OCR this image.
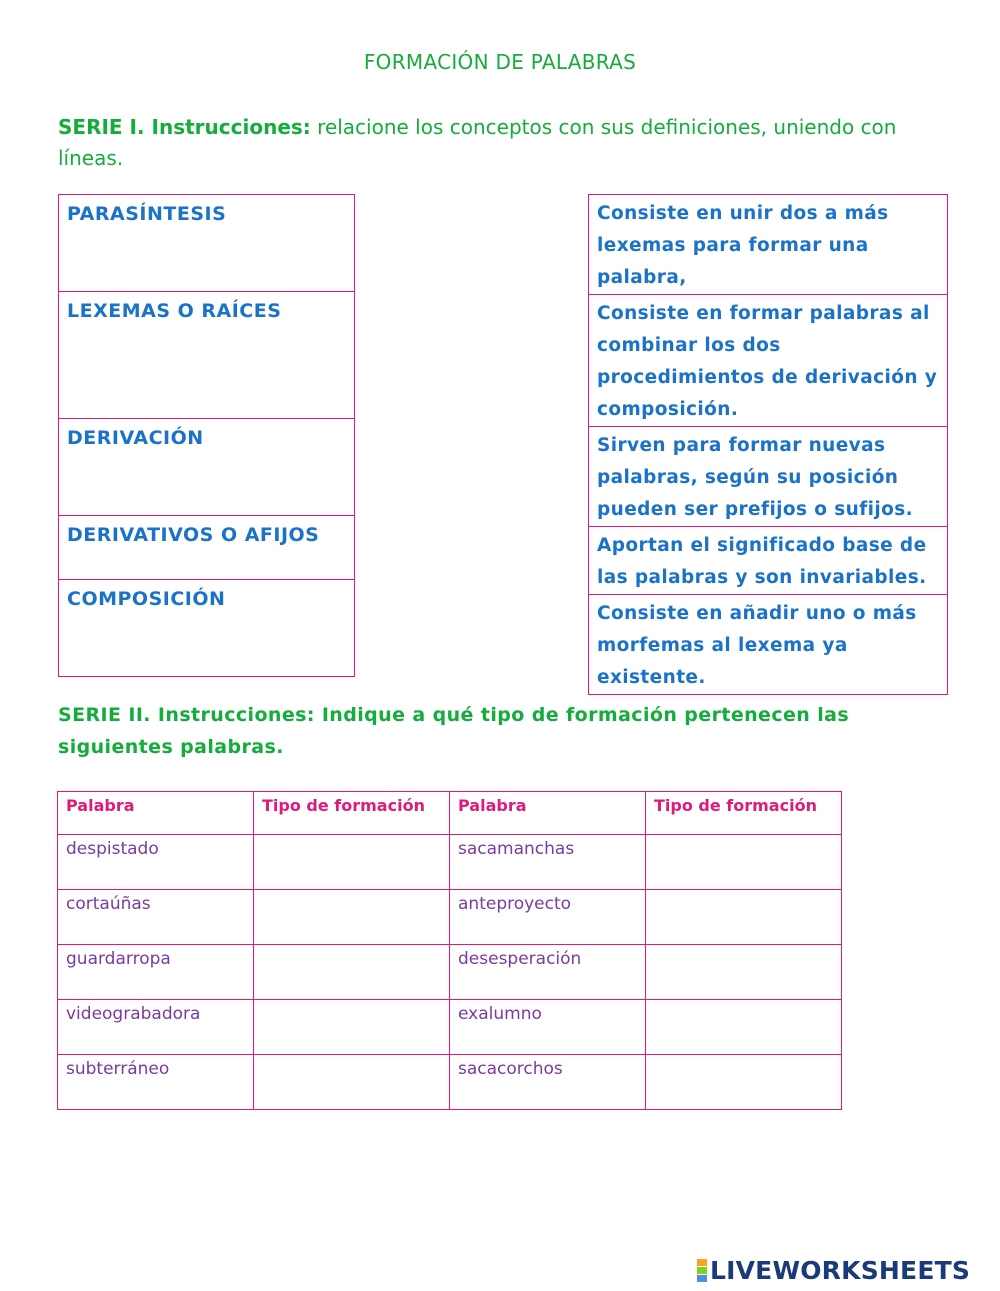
FORMACIÓN DE PALABRAS
SERIE I. Instrucciones: relacione los conceptos con sus definiciones, uniendo con líneas.
PARASÍNTESIS
LEXEMAS O RAÍCES
DERIVACIÓN
DERIVATIVOS O AFIJOS
COMPOSICIÓN
Consiste en unir dos a más lexemas para formar una palabra,
Consiste en formar palabras al combinar los dos procedimientos de derivación y composición.
Sirven para formar nuevas palabras, según su posición pueden ser prefijos o sufijos.
Aportan el significado base de las palabras y son invariables.
Consiste en añadir uno o más morfemas al lexema ya existente.
SERIE II. Instrucciones: Indique a qué tipo de formación pertenecen las siguientes palabras.
Palabra	Tipo de formación	Palabra	Tipo de formación
despistado		sacamanchas	
cortaúñas		anteproyecto	
guardarropa		desesperación	
videograbadora		exalumno	
subterráneo		sacacorchos	
LIVEWORKSHEETS
